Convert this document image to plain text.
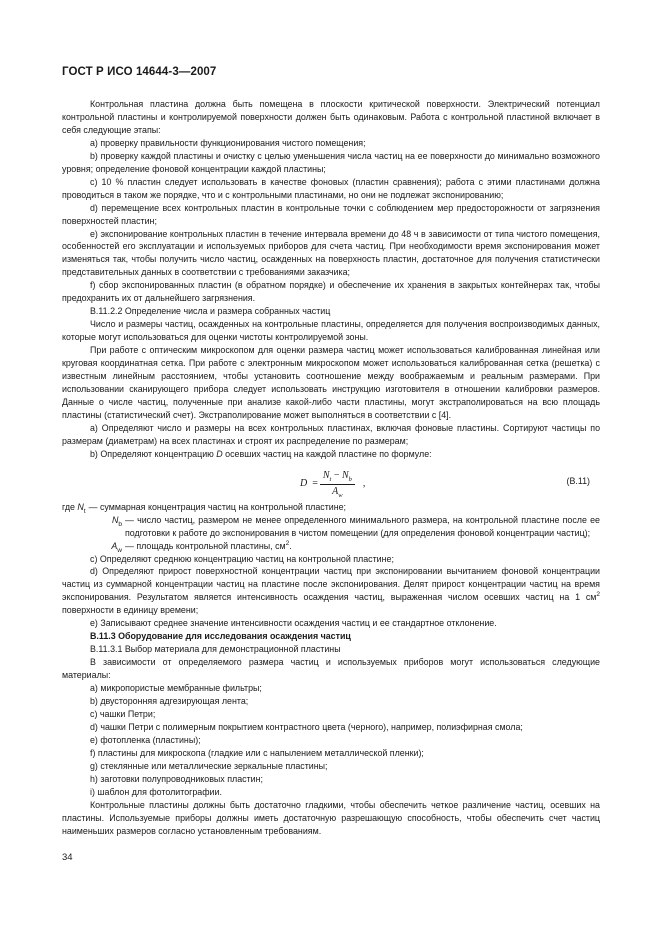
ГОСТ Р ИСО 14644-3—2007

Контрольная пластина должна быть помещена в плоскости критической поверхности. Электрический потенциал контрольной пластины и контролируемой поверхности должен быть одинаковым. Работа с контрольной пластиной включает в себя следующие этапы:

a) проверку правильности функционирования чистого помещения;

b) проверку каждой пластины и очистку с целью уменьшения числа частиц на ее поверхности до минимально возможного уровня; определение фоновой концентрации каждой пластины;

c) 10 % пластин следует использовать в качестве фоновых (пластин сравнения); работа с этими пластинами должна проводиться в таком же порядке, что и с контрольными пластинами, но они не подлежат экспонированию;

d) перемещение всех контрольных пластин в контрольные точки с соблюдением мер предосторожности от загрязнения поверхностей пластин;

e) экспонирование контрольных пластин в течение интервала времени до 48 ч в зависимости от типа чистого помещения, особенностей его эксплуатации и используемых приборов для счета частиц. При необходимости время экспонирования может изменяться так, чтобы получить число частиц, осажденных на поверхность пластин, достаточное для получения статистически представительных данных в соответствии с требованиями заказчика;

f) сбор экспонированных пластин (в обратном порядке) и обеспечение их хранения в закрытых контейнерах так, чтобы предохранить их от дальнейшего загрязнения.

В.11.2.2 Определение числа и размера собранных частиц

Число и размеры частиц, осажденных на контрольные пластины, определяется для получения воспроизводимых данных, которые могут использоваться для оценки чистоты контролируемой зоны.

При работе с оптическим микроскопом для оценки размера частиц может использоваться калиброванная линейная или круговая координатная сетка. При работе с электронным микроскопом может использоваться калиброванная сетка (решетка) с известным линейным расстоянием, чтобы установить соотношение между воображаемым и реальным размерами. При использовании сканирующего прибора следует использовать инструкцию изготовителя в отношении калибровки размеров. Данные о числе частиц, полученные при анализе какой-либо части пластины, могут экстраполироваться на всю площадь пластины (статистический счет). Экстраполирование может выполняться в соответствии с [4].

a) Определяют число и размеры на всех контрольных пластинах, включая фоновые пластины. Сортируют частицы по размерам (диаметрам) на всех пластинах и строят их распределение по размерам;

b) Определяют концентрацию D осевших частиц на каждой пластине по формуле:

$D = \frac{N_t - N_b}{A_w}$ ,	(В.11)
где $N_t$ — суммарная концентрация частиц на контрольной пластине;
$N_b$ — число частиц, размером не менее определенного минимального размера, на контрольной пластине после ее подготовки к работе до экспонирования в чистом помещении (для определения фоновой концентрации частиц);
$A_w$ — площадь контрольной пластины, $см^2$.

c) Определяют среднюю концентрацию частиц на контрольной пластине;

d) Определяют прирост поверхностной концентрации частиц при экспонировании вычитанием фоновой концентрации частиц из суммарной концентрации частиц на пластине после экспонирования. Делят прирост концентрации частиц на время экспонирования. Результатом является интенсивность осаждения частиц, выраженная числом осевших частиц на 1 $см^2$ поверхности в единицу времени;

e) Записывают среднее значение интенсивности осаждения частиц и ее стандартное отклонение.

В.11.3 Оборудование для исследования осаждения частиц

В.11.3.1 Выбор материала для демонстрационной пластины

В зависимости от определяемого размера частиц и используемых приборов могут использоваться следующие материалы:

a) микропористые мембранные фильтры;

b) двусторонняя адгезирующая лента;

c) чашки Петри;

d) чашки Петри с полимерным покрытием контрастного цвета (черного), например, полиэфирная смола;

e) фотопленка (пластины);

f) пластины для микроскопа (гладкие или с напылением металлической пленки);

g) стеклянные или металлические зеркальные пластины;

h) заготовки полупроводниковых пластин;

i) шаблон для фотолитографии.

Контрольные пластины должны быть достаточно гладкими, чтобы обеспечить четкое различение частиц, осевших на пластины. Используемые приборы должны иметь достаточную разрешающую способность, чтобы обеспечить счет частиц наименьших размеров согласно установленным требованиям.

34
